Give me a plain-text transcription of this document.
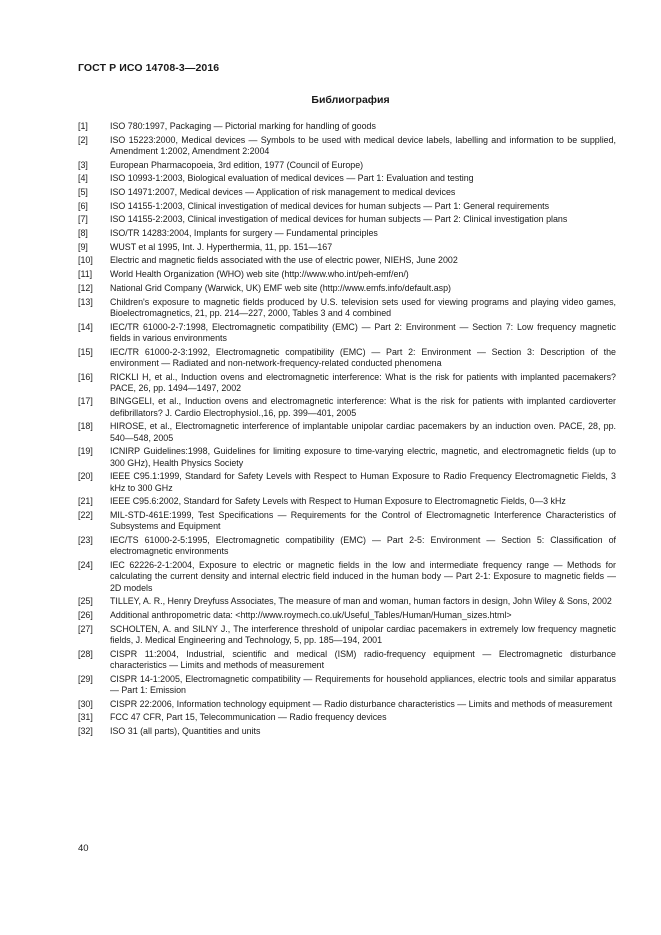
ГОСТ Р ИСО 14708-3—2016
Библиография
[1]	ISO 780:1997, Packaging — Pictorial marking for handling of goods
[2]	ISO 15223:2000, Medical devices — Symbols to be used with medical device labels, labelling and information to be supplied, Amendment 1:2002, Amendment 2:2004
[3]	European Pharmacopoeia, 3rd edition, 1977 (Council of Europe)
[4]	ISO 10993-1:2003, Biological evaluation of medical devices — Part 1: Evaluation and testing
[5]	ISO 14971:2007, Medical devices — Application of risk management to medical devices
[6]	ISO 14155-1:2003, Clinical investigation of medical devices for human subjects — Part 1: General requirements
[7]	ISO 14155-2:2003, Clinical investigation of medical devices for human subjects — Part 2: Clinical investigation plans
[8]	ISO/TR 14283:2004, Implants for surgery — Fundamental principles
[9]	WUST et al 1995, Int. J. Hyperthermia, 11, pp. 151—167
[10]	Electric and magnetic fields associated with the use of electric power, NIEHS, June 2002
[11]	World Health Organization (WHO) web site (http://www.who.int/peh-emf/en/)
[12]	National Grid Company (Warwick, UK) EMF web site (http://www.emfs.info/default.asp)
[13]	Children's exposure to magnetic fields produced by U.S. television sets used for viewing programs and playing video games, Bioelectromagnetics, 21, pp. 214—227, 2000, Tables 3 and 4 combined
[14]	IEC/TR 61000-2-7:1998, Electromagnetic compatibility (EMC) — Part 2: Environment — Section 7: Low frequency magnetic fields in various environments
[15]	IEC/TR 61000-2-3:1992, Electromagnetic compatibility (EMC) — Part 2: Environment — Section 3: Description of the environment — Radiated and non-network-frequency-related conducted phenomena
[16]	RICKLI H, et al., Induction ovens and electromagnetic interference: What is the risk for patients with implanted pacemakers? PACE, 26, pp. 1494—1497, 2002
[17]	BINGGELI, et al., Induction ovens and electromagnetic interference: What is the risk for patients with implanted cardioverter defibrillators? J. Cardio Electrophysiol.,16, pp. 399—401, 2005
[18]	HIROSE, et al., Electromagnetic interference of implantable unipolar cardiac pacemakers by an induction oven. PACE, 28, pp. 540—548, 2005
[19]	ICNIRP Guidelines:1998, Guidelines for limiting exposure to time-varying electric, magnetic, and electromagnetic fields (up to 300 GHz), Health Physics Society
[20]	IEEE C95.1:1999, Standard for Safety Levels with Respect to Human Exposure to Radio Frequency Electromagnetic Fields, 3 kHz to 300 GHz
[21]	IEEE C95.6:2002, Standard for Safety Levels with Respect to Human Exposure to Electromagnetic Fields, 0—3 kHz
[22]	MIL-STD-461E:1999, Test Specifications — Requirements for the Control of Electromagnetic Interference Characteristics of Subsystems and Equipment
[23]	IEC/TS 61000-2-5:1995, Electromagnetic compatibility (EMC) — Part 2-5: Environment — Section 5: Classification of electromagnetic environments
[24]	IEC 62226-2-1:2004, Exposure to electric or magnetic fields in the low and intermediate frequency range — Methods for calculating the current density and internal electric field induced in the human body — Part 2-1: Exposure to magnetic fields — 2D models
[25]	TILLEY, A. R., Henry Dreyfuss Associates, The measure of man and woman, human factors in design, John Wiley & Sons, 2002
[26]	Additional anthropometric data: <http://www.roymech.co.uk/Useful_Tables/Human/Human_sizes.html>
[27]	SCHOLTEN, A. and SILNY J., The interference threshold of unipolar cardiac pacemakers in extremely low frequency magnetic fields, J. Medical Engineering and Technology, 5, pp. 185—194, 2001
[28]	CISPR 11:2004, Industrial, scientific and medical (ISM) radio-frequency equipment — Electromagnetic disturbance characteristics — Limits and methods of measurement
[29]	CISPR 14-1:2005, Electromagnetic compatibility — Requirements for household appliances, electric tools and similar apparatus — Part 1: Emission
[30]	CISPR 22:2006, Information technology equipment — Radio disturbance characteristics — Limits and methods of measurement
[31]	FCC 47 CFR, Part 15, Telecommunication — Radio frequency devices
[32]	ISO 31 (all parts), Quantities and units
40
